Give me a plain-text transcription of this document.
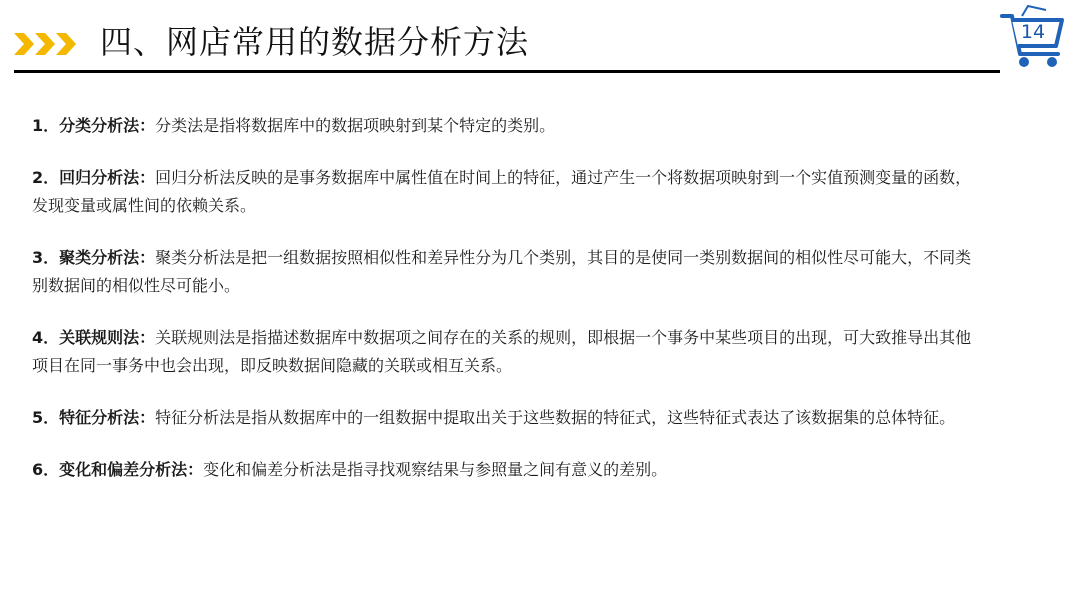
四、网店常用的数据分析方法	14
1．分类分析法：分类法是指将数据库中的数据项映射到某个特定的类别。
2．回归分析法：回归分析法反映的是事务数据库中属性值在时间上的特征，通过产生一个将数据项映射到一个实值预测变量的函数，发现变量或属性间的依赖关系。
3．聚类分析法：聚类分析法是把一组数据按照相似性和差异性分为几个类别，其目的是使同一类别数据间的相似性尽可能大，不同类别数据间的相似性尽可能小。
4．关联规则法：关联规则法是指描述数据库中数据项之间存在的关系的规则，即根据一个事务中某些项目的出现，可大致推导出其他项目在同一事务中也会出现，即反映数据间隐藏的关联或相互关系。
5．特征分析法：特征分析法是指从数据库中的一组数据中提取出关于这些数据的特征式，这些特征式表达了该数据集的总体特征。
6．变化和偏差分析法：变化和偏差分析法是指寻找观察结果与参照量之间有意义的差别。
